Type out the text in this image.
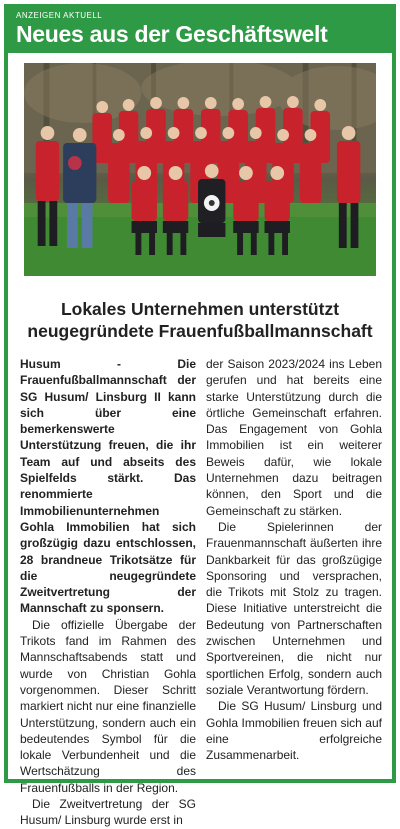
ANZEIGEN AKTUELL
Neues aus der Geschäftswelt
Lokales Unternehmen unterstützt
neugegründete Frauenfußballmannschaft

Husum - Die Frauenfußballmannschaft der SG Husum/ Linsburg II kann sich über eine bemerkenswerte Unterstützung freuen, die ihr Team auf und abseits des Spielfelds stärkt. Das renommierte Immobilienunternehmen Gohla Immobilien hat sich großzügig dazu entschlossen, 28 brandneue Trikotsätze für die neugegründete Zweitvertretung der Mannschaft zu sponsern.

Die offizielle Übergabe der Trikots fand im Rahmen des Mannschaftsabends statt und wurde von Christian Gohla vorgenommen. Dieser Schritt markiert nicht nur eine finanzielle Unterstützung, sondern auch ein bedeutendes Symbol für die lokale Verbundenheit und die Wertschätzung des Frauenfußballs in der Region.

Die Zweitvertretung der SG Husum/ Linsburg wurde erst in

der Saison 2023/2024 ins Leben gerufen und hat bereits eine starke Unterstützung durch die örtliche Gemeinschaft erfahren. Das Engagement von Gohla Immobilien ist ein weiterer Beweis dafür, wie lokale Unternehmen dazu beitragen können, den Sport und die Gemeinschaft zu stärken.

Die Spielerinnen der Frauenmannschaft äußerten ihre Dankbarkeit für das großzügige Sponsoring und versprachen, die Trikots mit Stolz zu tragen. Diese Initiative unterstreicht die Bedeutung von Partnerschaften zwischen Unternehmen und Sportvereinen, die nicht nur sportlichen Erfolg, sondern auch soziale Verantwortung fördern.

Die SG Husum/ Linsburg und Gohla Immobilien freuen sich auf eine erfolgreiche Zusammenarbeit.
